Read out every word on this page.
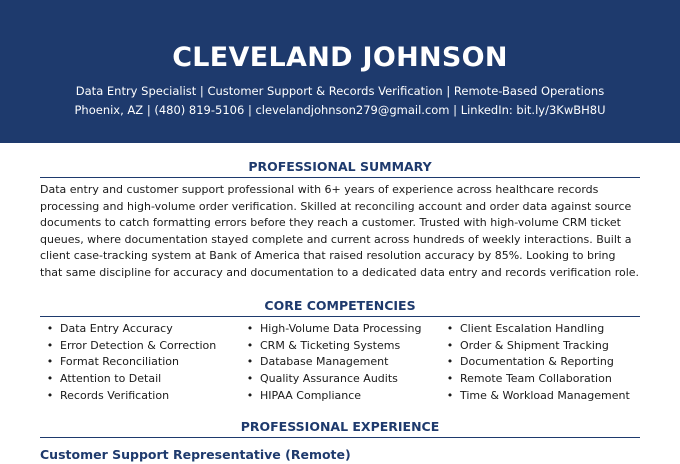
CLEVELAND JOHNSON
Data Entry Specialist | Customer Support & Records Verification | Remote-Based Operations
Phoenix, AZ | (480) 819-5106 | clevelandjohnson279@gmail.com | LinkedIn: bit.ly/3KwBH8U
PROFESSIONAL SUMMARY
Data entry and customer support professional with 6+ years of experience across healthcare records processing and high-volume order verification. Skilled at reconciling account and order data against source documents to catch formatting errors before they reach a customer. Trusted with high-volume CRM ticket queues, where documentation stayed complete and current across hundreds of weekly interactions. Built a client case-tracking system at Bank of America that raised resolution accuracy by 85%. Looking to bring that same discipline for accuracy and documentation to a dedicated data entry and records verification role.
CORE COMPETENCIES
• Data Entry Accuracy
• Error Detection & Correction
• Format Reconciliation
• Attention to Detail
• Records Verification
• High-Volume Data Processing
• CRM & Ticketing Systems
• Database Management
• Quality Assurance Audits
• HIPAA Compliance
• Client Escalation Handling
• Order & Shipment Tracking
• Documentation & Reporting
• Remote Team Collaboration
• Time & Workload Management
PROFESSIONAL EXPERIENCE
Customer Support Representative (Remote)
